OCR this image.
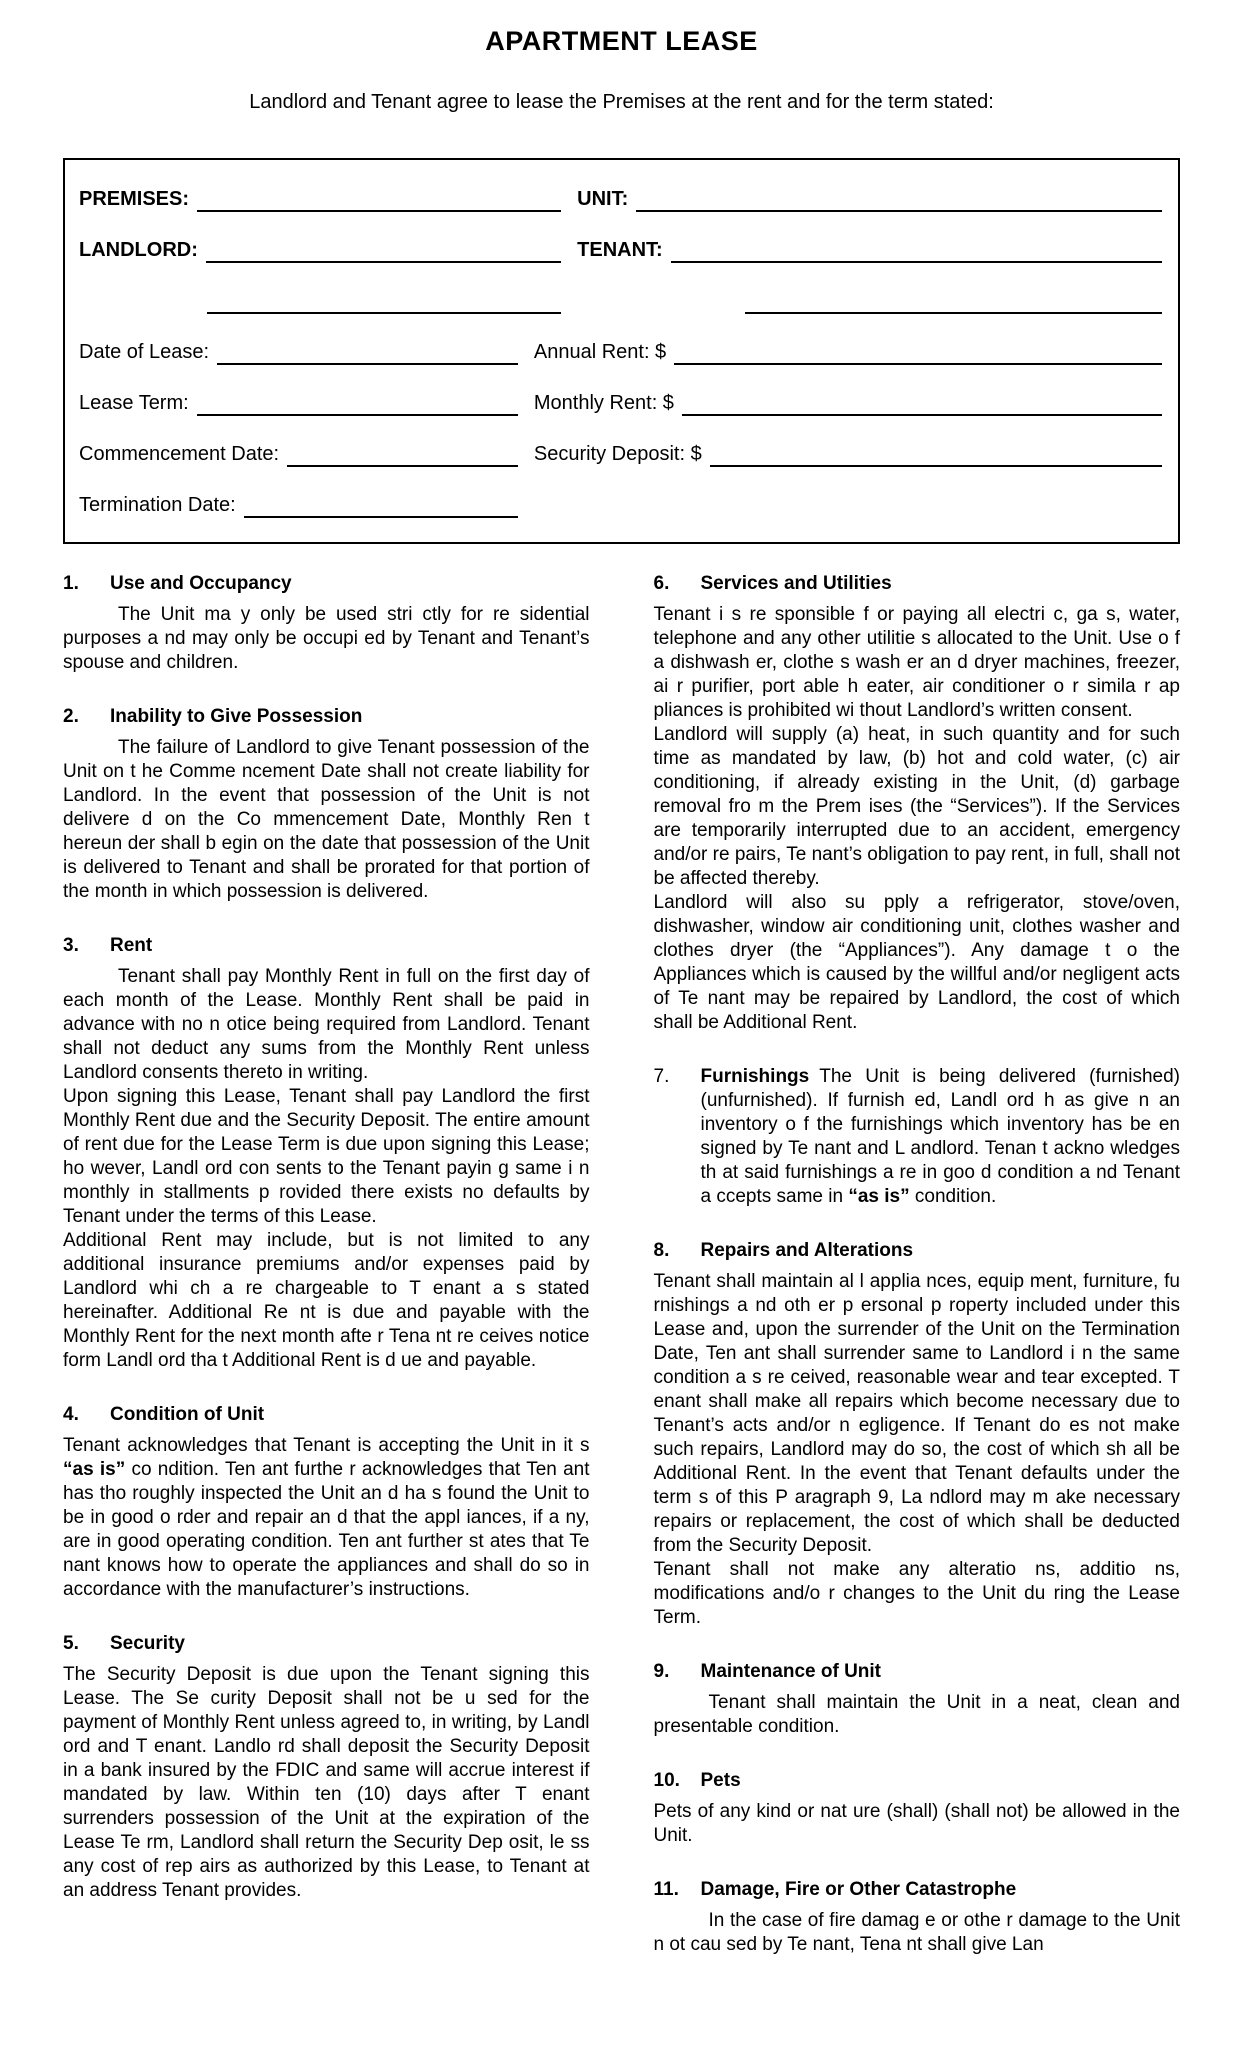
APARTMENT LEASE

Landlord and Tenant agree to lease the Premises at the rent and for the term stated:

PREMISES:	UNIT:
LANDLORD:	TENANT:
Date of Lease:	Annual Rent: $
Lease Term:	Monthly Rent: $
Commencement Date:	Security Deposit: $
Termination Date:

1. Use and Occupancy

The Unit ma y only be used stri ctly for re sidential purposes a nd may only be occupi ed by Tenant and Tenant’s spouse and children.

2. Inability to Give Possession

The failure of Landlord to give Tenant possession of the Unit on t he Comme ncement Date shall not create liability for Landlord. In the event that possession of the Unit is not delivere d on the Co mmencement Date, Monthly Ren t hereun der shall b egin on the date that possession of the Unit is delivered to Tenant and shall be prorated for that portion of the month in which possession is delivered.

3. Rent

Tenant shall pay Monthly Rent in full on the first day of each month of the Lease. Monthly Rent shall be paid in advance with no n otice being required from Landlord. Tenant shall not deduct any sums from the Monthly Rent unless Landlord consents thereto in writing.

Upon signing this Lease, Tenant shall pay Landlord the first Monthly Rent due and the Security Deposit. The entire amount of rent due for the Lease Term is due upon signing this Lease; ho wever, Landl ord con sents to the Tenant payin g same i n monthly in stallments p rovided there exists no defaults by Tenant under the terms of this Lease.

Additional Rent may include, but is not limited to any additional insurance premiums and/or expenses paid by Landlord whi ch a re chargeable to T enant a s stated hereinafter. Additional Re nt is due and payable with the Monthly Rent for the next month afte r Tena nt re ceives notice form Landl ord tha t Additional Rent is d ue and payable.

4. Condition of Unit

Tenant acknowledges that Tenant is accepting the Unit in it s “as is” co ndition. Ten ant furthe r acknowledges that Ten ant has tho roughly inspected the Unit an d ha s found the Unit to be in good o rder and repair an d that the appl iances, if a ny, are in good operating condition. Ten ant further st ates that Te nant knows how to operate the appliances and shall do so in accordance with the manufacturer’s instructions.

5. Security

The Security Deposit is due upon the Tenant signing this Lease. The Se curity Deposit shall not be u sed for the payment of Monthly Rent unless agreed to, in writing, by Landl ord and T enant. Landlo rd shall deposit the Security Deposit in a bank insured by the FDIC and same will accrue interest if mandated by law. Within ten (10) days after T enant surrenders possession of the Unit at the expiration of the Lease Te rm, Landlord shall return the Security Dep osit, le ss any cost of rep airs as authorized by this Lease, to Tenant at an address Tenant provides.

6. Services and Utilities

Tenant i s re sponsible f or paying all electri c, ga s, water, telephone and any other utilitie s allocated to the Unit. Use o f a dishwash er, clothe s wash er an d dryer machines, freezer, ai r purifier, port able h eater, air conditioner o r simila r ap pliances is prohibited wi thout Landlord’s written consent.

Landlord will supply (a) heat, in such quantity and for such time as mandated by law, (b) hot and cold water, (c) air conditioning, if already existing in the Unit, (d) garbage removal fro m the Prem ises (the “Services”). If the Services are temporarily interrupted due to an accident, emergency and/or re pairs, Te nant’s obligation to pay rent, in full, shall not be affected thereby.

Landlord will also su pply a refrigerator, stove/oven, dishwasher, window air conditioning unit, clothes washer and clothes dryer (the “Appliances”). Any damage t o the Appliances which is caused by the willful and/or negligent acts of Te nant may be repaired by Landlord, the cost of which shall be Additional Rent.

7. Furnishings The Unit is being delivered (furnished) (unfurnished). If furnish ed, Landl ord h as give n an inventory o f the furnishings which inventory has be en signed by Te nant and L andlord. Tenan t ackno wledges th at said furnishings a re in goo d condition a nd Tenant a ccepts same in “as is” condition.

8. Repairs and Alterations

Tenant shall maintain al l applia nces, equip ment, furniture, fu rnishings a nd oth er p ersonal p roperty included under this Lease and, upon the surrender of the Unit on the Termination Date, Ten ant shall surrender same to Landlord i n the same condition a s re ceived, reasonable wear and tear excepted. T enant shall make all repairs which become necessary due to Tenant’s acts and/or n egligence. If Tenant do es not make such repairs, Landlord may do so, the cost of which sh all be Additional Rent. In the event that Tenant defaults under the term s of this P aragraph 9, La ndlord may m ake necessary repairs or replacement, the cost of which shall be deducted from the Security Deposit.

Tenant shall not make any alteratio ns, additio ns, modifications and/o r changes to the Unit du ring the Lease Term.

9. Maintenance of Unit

Tenant shall maintain the Unit in a neat, clean and presentable condition.

10. Pets

Pets of any kind or nat ure (shall) (shall not) be allowed in the Unit.

11. Damage, Fire or Other Catastrophe

In the case of fire damag e or othe r damage to the Unit n ot cau sed by Te nant, Tena nt shall give Lan
